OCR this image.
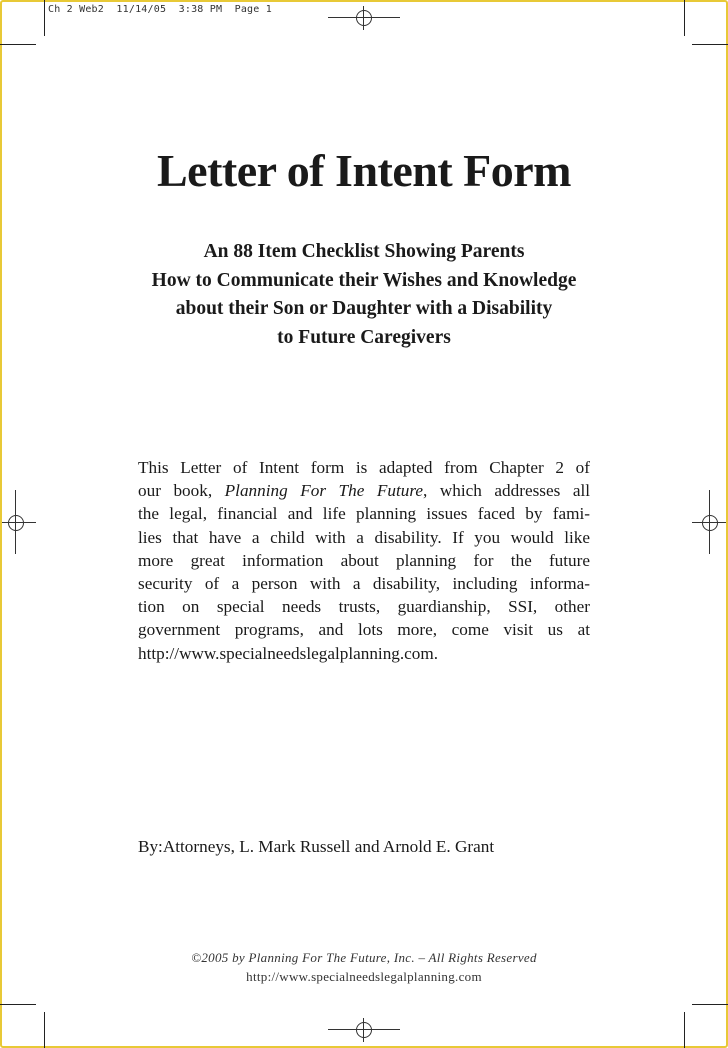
Ch 2 Web2  11/14/05  3:38 PM  Page 1
Letter of Intent Form
An 88 Item Checklist Showing Parents
How to Communicate their Wishes and Knowledge
about their Son or Daughter with a Disability
to Future Caregivers
This Letter of Intent form is adapted from Chapter 2 of
our book, Planning For The Future, which addresses all
the legal, financial and life planning issues faced by fami-
lies that have a child with a disability. If you would like
more great information about planning for the future
security of a person with a disability, including informa-
tion on special needs trusts, guardianship, SSI, other
government programs, and lots more, come visit us at
http://www.specialneedslegalplanning.com.
By:Attorneys, L. Mark Russell and Arnold E. Grant
©2005 by Planning For The Future, Inc. – All Rights Reserved
http://www.specialneedslegalplanning.com
